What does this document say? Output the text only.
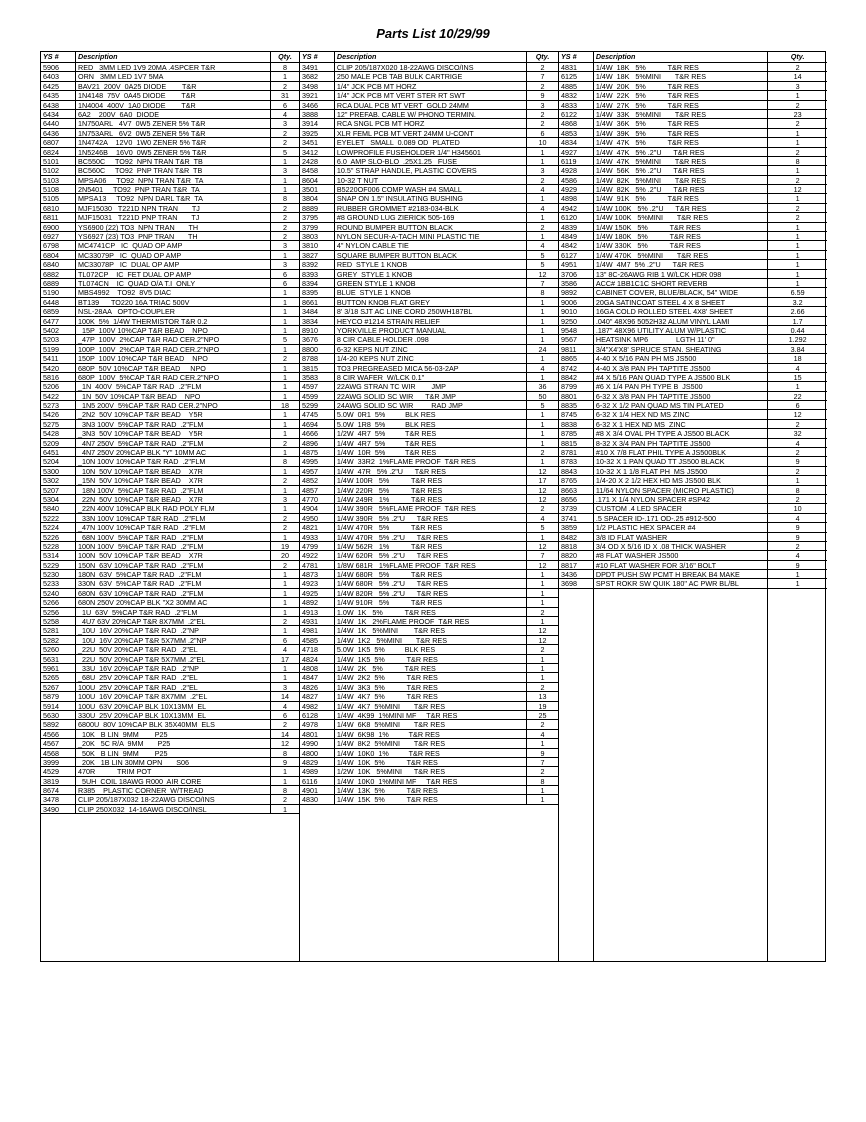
Parts List 10/29/99
YS #	Description	Qty.
5906	RED   3MM LED 1V9 20MA .4SPCER T&R	8
6403	ORN   3MM LED 1V7 5MA	1
6425	BAV21  200V  0A25 DIODE        T&R	2
6435	1N4148  75V  0A45 DIODE        T&R	31
6438	1N4004  400V  1A0 DIODE        T&R	6
6434	6A2    200V  6A0  DIODE	4
6440	1N750ARL   4V7  0W5 ZENER 5% T&R	3
6436	1N753ARL   6V2  0W5 ZENER 5% T&R	2
6807	1N4742A    12V0  1W0 ZENER 5% T&R	2
6824	1N5246B    16V0  0W5 ZENER 5% T&R	5
5101	BC550C     TO92  NPN TRAN T&R  TB	1
5102	BC560C     TO92  PNP TRAN T&R  TB	3
5103	MPSA06     TO92  NPN TRAN T&R  TA	1
5108	2N5401     TO92  PNP TRAN T&R  TA	1
5105	MPSA13     TO92  NPN DARL T&R  TA	8
6810	MJF15030   T221D NPN TRAN       TJ	2
6811	MJF15031   T221D PNP TRAN       TJ	2
6900	YS6900 (22) TO3  NPN TRAN       TH	2
6927	YS6927 (23) TO3  PNP TRAN       TH	2
6798	MC4741CP   IC  QUAD OP AMP	3
6804	MC33079P   IC  QUAD OP AMP	1
6840	MC33078P   IC  DUAL OP AMP	3
6882	TL072CP    IC  FET DUAL OP AMP	6
6889	TL074CN    IC  QUAD O/A T.I  ONLY	6
5190	MBS4992    TO92  8V5 DIAC	1
6448	BT139      TO220 16A TRIAC 500V	1
6859	NSL-28AA   OPTO-COUPLER	1
6477	100K  5%  1/4W THERMISTOR T&R 0.2	1
5402	_15P  100V 10%CAP T&R BEAD    NPO	1
5203	_47P  100V  2%CAP T&R RAD CER.2"NPO	5
5199	100P  100V  2%CAP T&R RAD CER.2"NPO	1
5411	150P  100V 10%CAP T&R BEAD    NPO	2
5420	680P  50V 10%CAP T&R BEAD     NPO	1
5816	680P  100V  5%CAP T&R RAD CER.2"NPO	1
5206	_1N  400V  5%CAP T&R RAD  .2"FLM	1
5422	_1N  50V 10%CAP T&R BEAD    NPO	1
5273	_1N5 200V  5%CAP T&R RAD CER.2"NPO	18
5426	_2N2  50V 10%CAP T&R BEAD    Y5R	1
5275	_3N3 100V  5%CAP T&R RAD  .2"FLM	1
5428	_3N3  50V 10%CAP T&R BEAD    Y5R	1
5209	_4N7 250V  5%CAP T&R RAD  .2"FLM	2
6451	_4N7 250V 20%CAP BLK "Y" 10MM AC	1
5204	_10N 100V 10%CAP T&R RAD  .2"FLM	8
5300	_10N  50V 10%CAP T&R BEAD    X7R	1
5302	_15N  50V 10%CAP T&R BEAD    X7R	2
5207	_18N 100V  5%CAP T&R RAD  .2"FLM	1
5304	_22N  50V 10%CAP T&R BEAD    X7R	3
5840	_22N 400V 10%CAP BLK RAD POLY FLM	1
5222	_33N 100V 10%CAP T&R RAD  .2"FLM	2
5224	_47N 100V 10%CAP T&R RAD  .2"FLM	2
5226	_68N 100V  5%CAP T&R RAD  .2"FLM	1
5228	100N 100V  5%CAP T&R RAD  .2"FLM	19
5314	100N  50V 10%CAP T&R BEAD    X7R	20
5229	150N  63V 10%CAP T&R RAD  .2"FLM	2
5230	180N  63V  5%CAP T&R RAD  .2"FLM	1
5233	330N  63V  5%CAP T&R RAD  .2"FLM	1
5240	680N  63V 10%CAP T&R RAD  .2"FLM	1
5266	680N 250V 20%CAP BLK "X2 30MM AC	1
5256	_1U  63V  5%CAP T&R RAD  .2"FLM	1
5258	_4U7 63V 20%CAP T&R 8X7MM  .2"EL	2
5281	_10U  16V 20%CAP T&R RAD  .2"NP	1
5282	_10U  16V 20%CAP T&R 5X7MM .2"NP	6
5260	_22U  50V 20%CAP T&R RAD  .2"EL	4
5631	_22U  50V 20%CAP T&R 5X7MM .2"EL	17
5961	_33U  16V 20%CAP T&R RAD  .2"NP	1
5265	_68U  25V 20%CAP T&R RAD  .2"EL	1
5267	100U  25V 20%CAP T&R RAD  .2"EL	3
5879	100U  16V 20%CAP T&R 8X7MM  .2"EL	14
5914	100U  63V 20%CAP BLK 10X13MM  EL	4
5630	330U  25V 20%CAP BLK 10X13MM  EL	6
5892	6800U  80V 10%CAP BLK 35X40MM  ELS	2
4566	_10K   B LIN  9MM        P25	14
4567	_20K   5C R/A  9MM       P25	12
4568	_50K   B LIN  9MM        P25	8
3999	_20K   1B LIN 30MM OPN       S06	9
4529	470R           TRIM POT	1
3819	_5UH  COIL 18AWG R000  AIR CORE	1
8674	R385    PLASTIC CORNER  W/TREAD	8
3478	CLIP 205/187X032 18-22AWG DISCO/INS	2
3490	CLIP 250X032  14-16AWG DISCO/INSL	1
YS #	Description	Qty.
3491	CLIP 205/187X020 18-22AWG DISCO/INS	2
3682	250 MALE PCB TAB BULK CARTRIGE	7
3498	1/4" JCK PCB MT HORZ	2
3921	1/4" JCK PCB MT VERT STER RT SWT	9
3466	RCA DUAL PCB MT VERT  GOLD 24MM	3
3888	12" PREFAB. CABLE W/ PHONO TERMIN.	2
3914	RCA SNGL PCB MT HORZ	2
3925	XLR FEML PCB MT VERT 24MM U-CONT	6
3451	EYELET   SMALL  0.089 OD  PLATED	10
3412	LOWPROFILE FUSEHOLDER 1/4" H345601	1
2428	6.0  AMP SLO-BLO  .25X1.25   FUSE	1
8458	10.5" STRAP HANDLE, PLASTIC COVERS	3
8604	10-32 T NUT	2
3501	B5220OF006 COMP WASH #4 SMALL	4
3804	SNAP ON 1.5" INSULATING BUSHING	1
8889	RUBBER GROMMET #2183-034-BLK	4
3795	#8 GROUND LUG ZIERICK 505-169	1
3799	ROUND BUMPER BUTTON BLACK	2
3803	NYLON SECUR-A-TACH MINI PLASTIC TIE	1
3810	4" NYLON CABLE TIE	4
3827	SQUARE BUMPER BUTTON BLACK	5
8392	RED  STYLE 1 KNOB	5
8393	GREY  STYLE 1 KNOB	12
8394	GREEN STYLE 1 KNOB	7
8395	BLUE  STYLE 1 KNOB	8
8661	BUTTON KNOB FLAT GREY	1
3484	8' 3/18 SJT AC LINE CORD 250WH187BL	1
3834	HEYCO #1214 STRAIN RELIEF	1
8910	YORKVILLE PRODUCT MANUAL	1
3676	8 CIR CABLE HOLDER .098	1
8800	6-32 KEPS NUT ZINC	24
8788	1/4-20 KEPS NUT ZINC	1
3815	TO3 PREGREASED MICA 56-03-2AP	4
3583	8 CIR WAFER  W/LCK 0.1"	1
4597	22AWG STRAN TC WIR        JMP	36
4599	22AWG SOLID SC WIR      T&R JMP	50
5299	24AWG SOLID SC WIR         RAD JMP	5
4745	5.0W  0R1  5%          BLK RES	1
4694	5.0W  1R8  5%          BLK RES	1
4666	1/2W  4R7  5%          T&R RES	1
4896	1/4W  4R7  5%          T&R RES	1
4875	1/4W  10R  5%          T&R RES	2
4995	1/4W  33R2  1%FLAME PROOF  T&R RES	1
4957	1/4W  47R   5% .2"U      T&R RES	12
4852	1/4W 100R   5%           T&R RES	17
4857	1/4W 220R   5%           T&R RES	12
4770	1/4W 249R   1%           T&R RES	12
4904	1/4W 390R   5%FLAME PROOF  T&R RES	2
4950	1/4W 390R   5% .2"U      T&R RES	4
4821	1/4W 470R   5%           T&R RES	5
4933	1/4W 470R   5% .2"U      T&R RES	1
4799	1/4W 562R   1%           T&R RES	12
4922	1/4W 620R   5% .2"U      T&R RES	7
4781	1/8W 681R   1%FLAME PROOF  T&R RES	12
4873	1/4W 680R   5%           T&R RES	1
4923	1/4W 680R   5% .2"U      T&R RES	1
4925	1/4W 820R   5% .2"U      T&R RES	1
4892	1/4W 910R   5%           T&R RES	1
4913	1.0W  1K   5%           T&R RES	2
4931	1/4W  1K   2%FLAME PROOF  T&R RES	1
4981	1/4W  1K   5%MINI        T&R RES	12
4585	1/4W  1K2   5%MINI       T&R RES	12
4718	5.0W  1K5  5%          BLK RES	2
4824	1/4W  1K5  5%           T&R RES	1
4808	1/4W  2K   5%           T&R RES	1
4847	1/4W  2K2  5%           T&R RES	1
4826	1/4W  3K3  5%           T&R RES	2
4827	1/4W  4K7  5%           T&R RES	13
4982	1/4W  4K7  5%MINI       T&R RES	19
6128	1/4W  4K99  1%MINI MF     T&R RES	25
4978	1/4W  6K8  5%MINI       T&R RES	2
4801	1/4W  6K98  1%          T&R RES	4
4990	1/4W  8K2  5%MINI       T&R RES	1
4800	1/4W  10K0  1%          T&R RES	9
4829	1/4W  10K  5%           T&R RES	7
4989	1/2W  10K   5%MINI      T&R RES	2
6116	1/4W  10K0  1%MINI MF     T&R RES	8
4901	1/4W  13K  5%           T&R RES	1
4830	1/4W  15K  5%           T&R RES	1
YS #	Description	Qty.
4831	1/4W  18K   5%           T&R RES	2
6125	1/4W  18K   5%MINI       T&R RES	14
4885	1/4W  20K   5%           T&R RES	3
4832	1/4W  22K   5%           T&R RES	1
4833	1/4W  27K   5%           T&R RES	2
6122	1/4W  33K   5%MINI       T&R RES	23
4868	1/4W  36K   5%           T&R RES	2
4853	1/4W  39K   5%           T&R RES	1
4834	1/4W  47K   5%           T&R RES	1
4927	1/4W  47K   5% .2"U      T&R RES	2
6119	1/4W  47K   5%MINI       T&R RES	8
4928	1/4W  56K   5% .2"U      T&R RES	1
4586	1/4W  82K   5%MINI       T&R RES	2
4929	1/4W  82K   5% .2"U      T&R RES	12
4898	1/4W  91K   5%           T&R RES	1
4942	1/4W 100K   5% .2"U      T&R RES	2
6120	1/4W 100K   5%MINI       T&R RES	2
4839	1/4W 150K   5%           T&R RES	1
4849	1/4W 180K   5%           T&R RES	1
4842	1/4W 330K   5%           T&R RES	1
6127	1/4W 470K   5%MINI       T&R RES	1
4951	1/4W  4M7  5% .2"U      T&R RES	1
3706	13" 8C-26AWG RIB 1 W/LCK HDR 098	1
3586	ACC# 1BB1C1C SHORT REVERB	1
9892	CABINET COVER, BLUE/BLACK, 54" WIDE	6.59
9006	20GA SATINCOAT STEEL 4 X 8 SHEET	3.2
9010	16GA COLD ROLLED STEEL 4X8' SHEET	2.66
9250	.040" 48X96 5052H32 ALUM VINYL LAMI	1.7
9548	.187" 48X96 UTILITY ALUM W/PLASTIC	0.44
9567	HEATSINK MP6              LGTH 11' 0"	1.292
9811	3/4"X4'X8' SPRUCE STAN. SHEATING	3.84
8865	4-40 X 5/16 PAN PH MS JS500	18
8742	4-40 X 3/8 PAN PH TAPTITE JS500	4
8842	#4 X 5/16 PAN QUAD TYPE A JS500 BLK	15
8799	#6 X 1/4 PAN PH TYPE B  JS500	1
8801	6-32 X 3/8 PAN PH TAPTITE JS500	22
8835	6-32 X 1/2 PAN QUAD MS TIN PLATED	6
8745	6-32 X 1/4 HEX ND MS ZINC	12
8838	6-32 X 1 HEX ND MS  ZINC	2
8785	#8 X 3/4 OVAL PH TYPE A JS500 BLACK	32
8815	8-32 X 3/4 PAN PH TAPTITE JS500	4
8781	#10 X 7/8 FLAT PHIL TYPE A JS500BLK	2
8783	10-32 X 1 PAN QUAD TT JS500 BLACK	9
8843	10-32 X 1 1/8 FLAT PH  MS JS500	2
8765	1/4-20 X 2 1/2 HEX HD MS JS500 BLK	1
8663	11/64 NYLON SPACER (MICRO PLASTIC)	8
8656	.171 X 1/4 NYLON SPACER #SP42	2
3739	CUSTOM .4 LED SPACER	10
3741	.5 SPACER ID-.171 OD-.25 #912-500	4
3859	1/2 PLASTIC HEX SPACER #4	9
8482	3/8 ID FLAT WASHER	9
8818	3/4 OD X 5/16 ID X .08 THICK WASHER	2
8820	#8 FLAT WASHER JS500	4
8817	#10 FLAT WASHER FOR 3/16" BOLT	9
3436	DPDT PUSH SW PCMT H BREAK B4 MAKE	1
3698	SPST ROKR SW QUIK 180" AC PWR BL/BL	1
